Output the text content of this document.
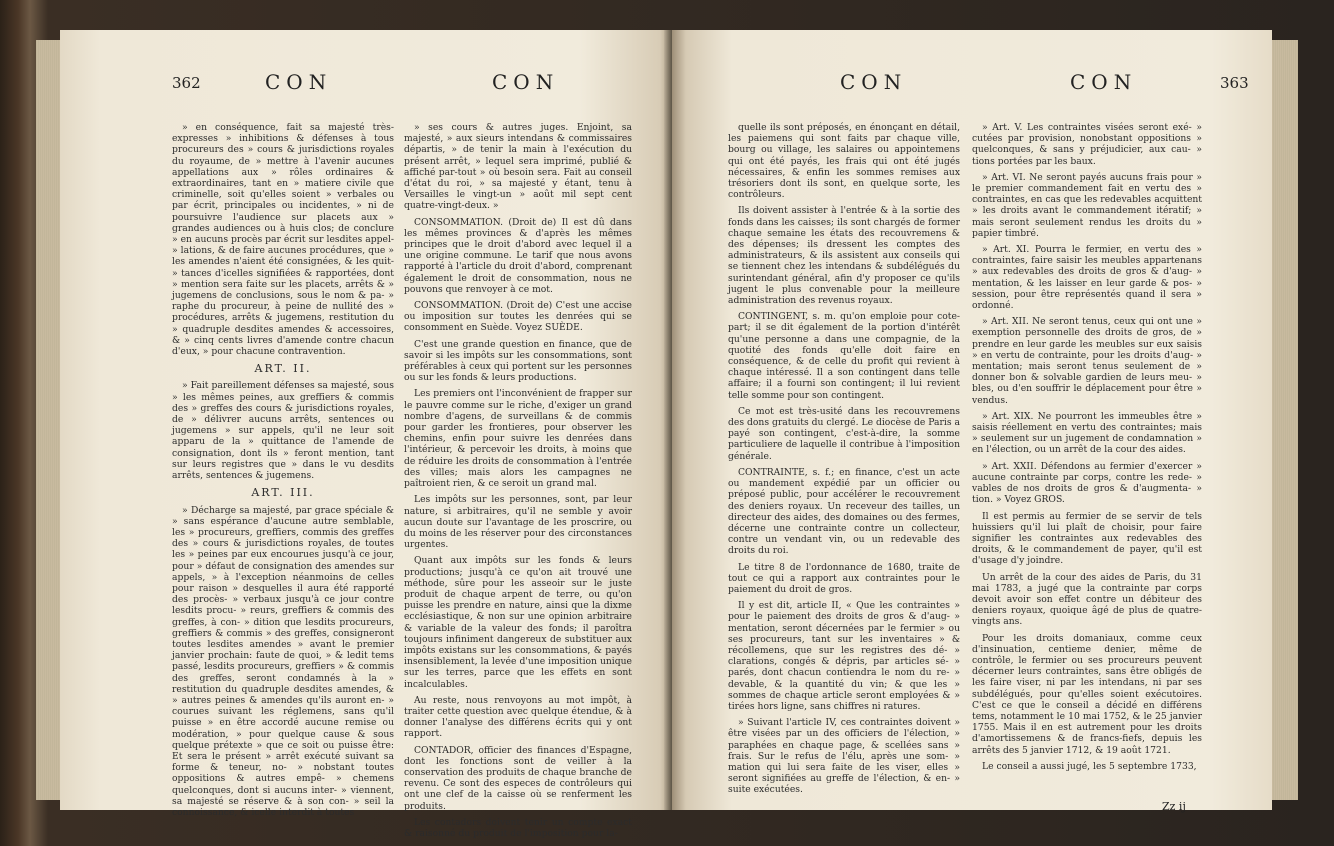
362	CON	CON

» en conséquence, fait sa majesté très-expresses » inhibitions & défenses à tous procureurs des » cours & jurisdictions royales du royaume, de » mettre à l'avenir aucunes appellations aux » rôles ordinaires & extraordinaires, tant en » matiere civile que criminelle, soit qu'elles soient » verbales ou par écrit, principales ou incidentes, » ni de poursuivre l'audience sur placets aux » grandes audiences ou à huis clos; de conclure » en aucuns procès par écrit sur lesdites appel- » lations, & de faire aucunes procédures, que » les amendes n'aient été consignées, & les quit- » tances d'icelles signifiées & rapportées, dont » mention sera faite sur les placets, arrêts & » jugemens de conclusions, sous le nom & pa- » raphe du procureur, à peine de nullité des » procédures, arrêts & jugemens, restitution du » quadruple desdites amendes & accessoires, & » cinq cents livres d'amende contre chacun d'eux, » pour chacune contravention.

ART. II.

» Fait pareillement défenses sa majesté, sous » les mêmes peines, aux greffiers & commis des » greffes des cours & jurisdictions royales, de » délivrer aucuns arrêts, sentences ou jugemens » sur appels, qu'il ne leur soit apparu de la » quittance de l'amende de consignation, dont ils » feront mention, tant sur leurs registres que » dans le vu desdits arrêts, sentences & jugemens.

ART. III.

» Décharge sa majesté, par grace spéciale & » sans espérance d'aucune autre semblable, les » procureurs, greffiers, commis des greffes des » cours & jurisdictions royales, de toutes les » peines par eux encourues jusqu'à ce jour, pour » défaut de consignation des amendes sur appels, » à l'exception néanmoins de celles pour raison » desquelles il aura été rapporté des procès- » verbaux jusqu'à ce jour contre lesdits procu- » reurs, greffiers & commis des greffes, à con- » dition que lesdits procureurs, greffiers & commis » des greffes, consigneront toutes lesdites amendes » avant le premier janvier prochain: faute de quoi, » & ledit tems passé, lesdits procureurs, greffiers » & commis des greffes, seront condamnés à la » restitution du quadruple desdites amendes, & » autres peines & amendes qu'ils auront en- » courues suivant les réglemens, sans qu'il puisse » en être accordé aucune remise ou modération, » pour quelque cause & sous quelque prétexte » que ce soit ou puisse être: Et sera le présent » arrêt exécuté suivant sa forme & teneur, no- » nobstant toutes oppositions & autres empê- » chemens quelconques, dont si aucuns inter- » viennent, sa majesté se réserve & à son con- » seil la connoissance, & icelle interdit à toutes

» ses cours & autres juges. Enjoint, sa majesté, » aux sieurs intendans & commissaires départis, » de tenir la main à l'exécution du présent arrêt, » lequel sera imprimé, publié & affiché par-tout » où besoin sera. Fait au conseil d'état du roi, » sa majesté y étant, tenu à Versailles le vingt-un » août mil sept cent quatre-vingt-deux. »

CONSOMMATION. (Droit de) Il est dû dans les mêmes provinces & d'après les mêmes principes que le droit d'abord avec lequel il a une origine commune. Le tarif que nous avons rapporté à l'article du droit d'abord, comprenant également le droit de consommation, nous ne pouvons que renvoyer à ce mot.

CONSOMMATION. (Droit de) C'est une accise ou imposition sur toutes les denrées qui se consomment en Suède. Voyez SUÈDE.

C'est une grande question en finance, que de savoir si les impôts sur les consommations, sont préférables à ceux qui portent sur les personnes ou sur les fonds & leurs productions.

Les premiers ont l'inconvénient de frapper sur le pauvre comme sur le riche, d'exiger un grand nombre d'agens, de surveillans & de commis pour garder les frontieres, pour observer les chemins, enfin pour suivre les denrées dans l'intérieur, & percevoir les droits, à moins que de réduire les droits de consommation à l'entrée des villes; mais alors les campagnes ne paîtroient rien, & ce seroit un grand mal.

Les impôts sur les personnes, sont, par leur nature, si arbitraires, qu'il ne semble y avoir aucun doute sur l'avantage de les proscrire, ou du moins de les réserver pour des circonstances urgentes.

Quant aux impôts sur les fonds & leurs productions; jusqu'à ce qu'on ait trouvé une méthode, sûre pour les asseoir sur le juste produit de chaque arpent de terre, ou qu'on puisse les prendre en nature, ainsi que la dixme ecclésiastique, & non sur une opinion arbitraire & variable de la valeur des fonds; il paroîtra toujours infiniment dangereux de substituer aux impôts existans sur les consommations, & payés insensiblement, la levée d'une imposition unique sur les terres, parce que les effets en sont incalculables.

Au reste, nous renvoyons au mot impôt, à traiter cette question avec quelque étendue, & à donner l'analyse des différens écrits qui y ont rapport.

CONTADOR, officier des finances d'Espagne, dont les fonctions sont de veiller à la conservation des produits de chaque branche de revenu. Ce sont des especes de contrôleurs qui ont une clef de la caisse où se renferment les produits.

Les contadors doivent tenir un compte exact & raisonné du produit de l'imposition pour la-

CON	CON	363

quelle ils sont préposés, en énonçant en détail, les paiemens qui sont faits par chaque ville, bourg ou village, les salaires ou appointemens qui ont été payés, les frais qui ont été jugés nécessaires, & enfin les sommes remises aux trésoriers dont ils sont, en quelque sorte, les contrôleurs.

Ils doivent assister à l'entrée & à la sortie des fonds dans les caisses; ils sont chargés de former chaque semaine les états des recouvremens & des dépenses; ils dressent les comptes des administrateurs, & ils assistent aux conseils qui se tiennent chez les intendans & subdélégués du surintendant général, afin d'y proposer ce qu'ils jugent le plus convenable pour la meilleure administration des revenus royaux.

CONTINGENT, s. m. qu'on emploie pour cote-part; il se dit également de la portion d'intérêt qu'une personne a dans une compagnie, de la quotité des fonds qu'elle doit faire en conséquence, & de celle du profit qui revient à chaque intéressé. Il a son contingent dans telle affaire; il a fourni son contingent; il lui revient telle somme pour son contingent.

Ce mot est très-usité dans les recouvremens des dons gratuits du clergé. Le diocèse de Paris a payé son contingent, c'est-à-dire, la somme particuliere de laquelle il contribue à l'imposition générale.

CONTRAINTE, s. f.; en finance, c'est un acte ou mandement expédié par un officier ou préposé public, pour accélérer le recouvrement des deniers royaux. Un receveur des tailles, un directeur des aides, des domaines ou des fermes, décerne une contrainte contre un collecteur, contre un vendant vin, ou un redevable des droits du roi.

Le titre 8 de l'ordonnance de 1680, traite de tout ce qui a rapport aux contraintes pour le paiement du droit de gros.

Il y est dit, article II, « Que les contraintes » pour le paiement des droits de gros & d'aug- » mentation, seront décernées par le fermier » ou ses procureurs, tant sur les inventaires » & récollemens, que sur les registres des dé- » clarations, congés & dépris, par articles sé- » parés, dont chacun contiendra le nom du re- » devable, & la quantité du vin; & que les » sommes de chaque article seront employées & » tirées hors ligne, sans chiffres ni ratures.

» Suivant l'article IV, ces contraintes doivent » être visées par un des officiers de l'élection, » paraphées en chaque page, & scellées sans » frais. Sur le refus de l'élu, après une som- » mation qui lui sera faite de les viser, elles » seront signifiées au greffe de l'élection, & en- » suite exécutées.

» Art. V. Les contraintes visées seront exé- » cutées par provision, nonobstant oppositions » quelconques, & sans y préjudicier, aux cau- » tions portées par les baux.

» Art. VI. Ne seront payés aucuns frais pour » le premier commandement fait en vertu des » contraintes, en cas que les redevables acquittent » les droits avant le commandement itératif; » mais seront seulement rendus les droits du » papier timbré.

» Art. XI. Pourra le fermier, en vertu des » contraintes, faire saisir les meubles appartenans » aux redevables des droits de gros & d'aug- » mentation, & les laisser en leur garde & pos- » session, pour être représentés quand il sera » ordonné.

» Art. XII. Ne seront tenus, ceux qui ont une » exemption personnelle des droits de gros, de » prendre en leur garde les meubles sur eux saisis » en vertu de contrainte, pour les droits d'aug- » mentation; mais seront tenus seulement de » donner bon & solvable gardien de leurs meu- » bles, ou d'en souffrir le déplacement pour être » vendus.

» Art. XIX. Ne pourront les immeubles être » saisis réellement en vertu des contraintes; mais » seulement sur un jugement de condamnation » en l'élection, ou un arrêt de la cour des aides.

» Art. XXII. Défendons au fermier d'exercer » aucune contrainte par corps, contre les rede- » vables de nos droits de gros & d'augmenta- » tion. » Voyez GROS.

Il est permis au fermier de se servir de tels huissiers qu'il lui plaît de choisir, pour faire signifier les contraintes aux redevables des droits, & le commandement de payer, qu'il est d'usage d'y joindre.

Un arrêt de la cour des aides de Paris, du 31 mai 1783, a jugé que la contrainte par corps devoit avoir son effet contre un débiteur des deniers royaux, quoique âgé de plus de quatre-vingts ans.

Pour les droits domaniaux, comme ceux d'insinuation, centieme denier, même de contrôle, le fermier ou ses procureurs peuvent décerner leurs contraintes, sans être obligés de les faire viser, ni par les intendans, ni par ses subdélégués, pour qu'elles soient exécutoires. C'est ce que le conseil a décidé en différens tems, notamment le 10 mai 1752, & le 25 janvier 1755. Mais il en est autrement pour les droits d'amortissemens & de francs-fiefs, depuis les arrêts des 5 janvier 1712, & 19 août 1721.

Le conseil a aussi jugé, les 5 septembre 1733,

Zz ij
